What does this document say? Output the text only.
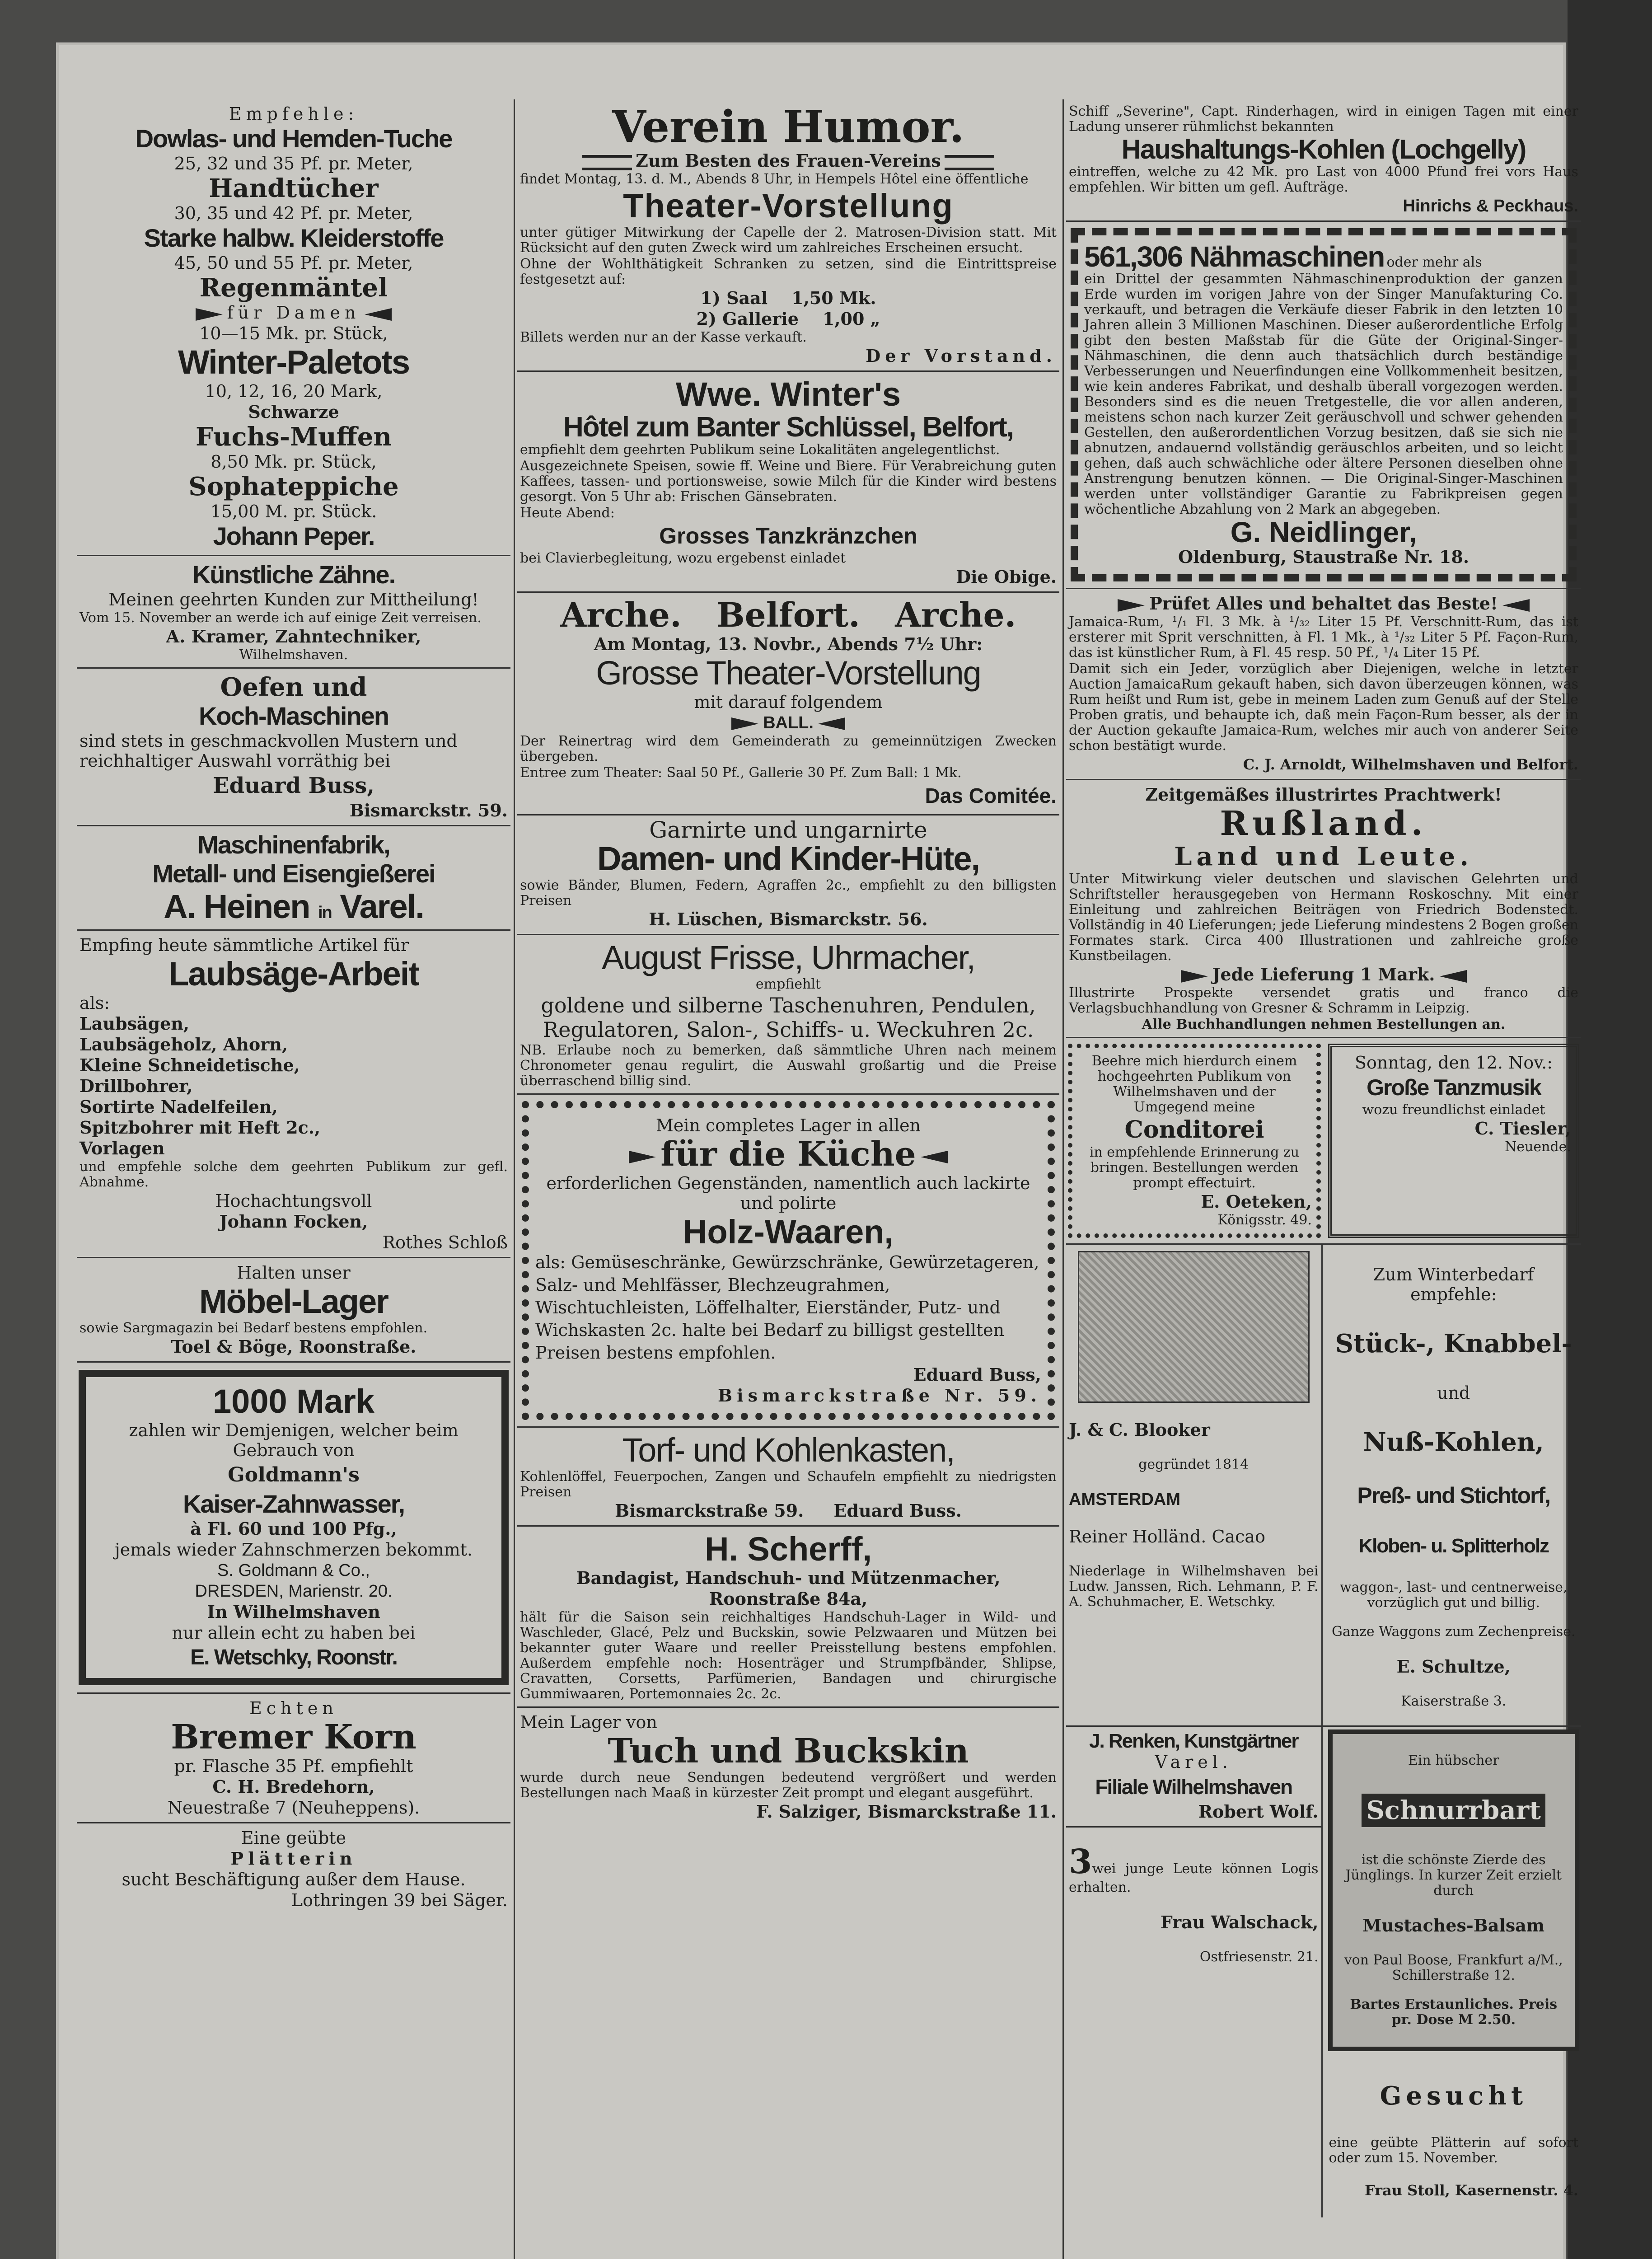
Empfehle:

Dowlas- und Hemden-Tuche

25, 32 und 35 Pf. pr. Meter,

Handtücher

30, 35 und 42 Pf. pr. Meter,

Starke halbw. Kleiderstoffe

45, 50 und 55 Pf. pr. Meter,

Regenmäntel

für Damen

10—15 Mk. pr. Stück,

Winter-Paletots

10, 12, 16, 20 Mark,

Schwarze

Fuchs-Muffen

8,50 Mk. pr. Stück,

Sophateppiche

15,00 M. pr. Stück.

Johann Peper.

Künstliche Zähne.

Meinen geehrten Kunden zur Mittheilung!

Vom 15. November an werde ich auf einige Zeit verreisen.

A. Kramer, Zahntechniker,

Wilhelmshaven.

Oefen und

Koch-Maschinen

sind stets in geschmackvollen Mustern und reichhaltiger Auswahl vorräthig bei

Eduard Buss,

Bismarckstr. 59.

Maschinenfabrik,

Metall- und Eisengießerei

A. Heinen in Varel.

Empfing heute sämmtliche Artikel für

Laubsäge-Arbeit

als:

Laubsägen,

Laubsägeholz, Ahorn,

Kleine Schneidetische,

Drillbohrer,

Sortirte Nadelfeilen,

Spitzbohrer mit Heft 2c.,

Vorlagen

und empfehle solche dem geehrten Publikum zur gefl. Abnahme.

Hochachtungsvoll

Johann Focken,

Rothes Schloß

Halten unser

Möbel-Lager

sowie Sargmagazin bei Bedarf bestens empfohlen.

Toel & Böge, Roonstraße.

1000 Mark

zahlen wir Demjenigen, welcher beim Gebrauch von

Goldmann's

Kaiser-Zahnwasser,

à Fl. 60 und 100 Pfg.,

jemals wieder Zahnschmerzen bekommt.

S. Goldmann & Co.,

DRESDEN, Marienstr. 20.

In Wilhelmshaven

nur allein echt zu haben bei

E. Wetschky, Roonstr.

Echten

Bremer Korn

pr. Flasche 35 Pf. empfiehlt

C. H. Bredehorn,

Neuestraße 7 (Neuheppens).

Eine geübte

Plätterin

sucht Beschäftigung außer dem Hause.

Lothringen 39 bei Säger.

Verein Humor.

Zum Besten des Frauen-Vereins

findet Montag, 13. d. M., Abends 8 Uhr, in Hempels Hôtel eine öffentliche

Theater-Vorstellung

unter gütiger Mitwirkung der Capelle der 2. Matrosen-Division statt. Mit Rücksicht auf den guten Zweck wird um zahlreiches Erscheinen ersucht.

Ohne der Wohlthätigkeit Schranken zu setzen, sind die Eintrittspreise festgesetzt auf:

1) Saal 1,50 Mk.

2) Gallerie 1,00 „

Billets werden nur an der Kasse verkauft.

Der Vorstand.

Wwe. Winter's

Hôtel zum Banter Schlüssel, Belfort,

empfiehlt dem geehrten Publikum seine Lokalitäten angelegentlichst.

Ausgezeichnete Speisen, sowie ff. Weine und Biere. Für Verabreichung guten Kaffees, tassen- und portionsweise, sowie Milch für die Kinder wird bestens gesorgt. Von 5 Uhr ab: Frischen Gänsebraten.

Heute Abend:

Grosses Tanzkränzchen

bei Clavierbegleitung, wozu ergebenst einladet

Die Obige.

Arche. Belfort. Arche.

Am Montag, 13. Novbr., Abends 7½ Uhr:

Grosse Theater-Vorstellung

mit darauf folgendem

BALL.

Der Reinertrag wird dem Gemeinderath zu gemeinnützigen Zwecken übergeben.

Entree zum Theater: Saal 50 Pf., Gallerie 30 Pf. Zum Ball: 1 Mk.

Das Comitée.

Garnirte und ungarnirte

Damen- und Kinder-Hüte,

sowie Bänder, Blumen, Federn, Agraffen 2c., empfiehlt zu den billigsten Preisen

H. Lüschen, Bismarckstr. 56.

August Frisse, Uhrmacher,

empfiehlt

goldene und silberne Taschenuhren, Pendulen, Regulatoren, Salon-, Schiffs- u. Weckuhren 2c.

NB. Erlaube noch zu bemerken, daß sämmtliche Uhren nach meinem Chronometer genau regulirt, die Auswahl großartig und die Preise überraschend billig sind.

Mein completes Lager in allen

für die Küche

erforderlichen Gegenständen, namentlich auch lackirte und polirte

Holz-Waaren,

als: Gemüseschränke, Gewürzschränke, Gewürzetageren, Salz- und Mehlfässer, Blechzeugrahmen, Wischtuchleisten, Löffelhalter, Eierständer, Putz- und Wichskasten 2c. halte bei Bedarf zu billigst gestellten Preisen bestens empfohlen.

Eduard Buss,

Bismarckstraße Nr. 59.

Torf- und Kohlenkasten,

Kohlenlöffel, Feuerpochen, Zangen und Schaufeln empfiehlt zu niedrigsten Preisen

Bismarckstraße 59. Eduard Buss.

H. Scherff,

Bandagist, Handschuh- und Mützenmacher,

Roonstraße 84a,

hält für die Saison sein reichhaltiges Handschuh-Lager in Wild- und Waschleder, Glacé, Pelz und Buckskin, sowie Pelzwaaren und Mützen bei bekannter guter Waare und reeller Preisstellung bestens empfohlen. Außerdem empfehle noch: Hosenträger und Strumpfbänder, Shlipse, Cravatten, Corsetts, Parfümerien, Bandagen und chirurgische Gummiwaaren, Portemonnaies 2c. 2c.

Mein Lager von

Tuch und Buckskin

wurde durch neue Sendungen bedeutend vergrößert und werden Bestellungen nach Maaß in kürzester Zeit prompt und elegant ausgeführt.

F. Salziger, Bismarckstraße 11.

Schiff „Severine", Capt. Rinderhagen, wird in einigen Tagen mit einer Ladung unserer rühmlichst bekannten

Haushaltungs-Kohlen (Lochgelly)

eintreffen, welche zu 42 Mk. pro Last von 4000 Pfund frei vors Haus empfehlen. Wir bitten um gefl. Aufträge.

Hinrichs & Peckhaus.

561,306 Nähmaschinen oder mehr als

ein Drittel der gesammten Nähmaschinenproduktion der ganzen Erde wurden im vorigen Jahre von der Singer Manufakturing Co. verkauft, und betragen die Verkäufe dieser Fabrik in den letzten 10 Jahren allein 3 Millionen Maschinen. Dieser außerordentliche Erfolg gibt den besten Maßstab für die Güte der Original-Singer-Nähmaschinen, die denn auch thatsächlich durch beständige Verbesserungen und Neuerfindungen eine Vollkommenheit besitzen, wie kein anderes Fabrikat, und deshalb überall vorgezogen werden. Besonders sind es die neuen Tretgestelle, die vor allen anderen, meistens schon nach kurzer Zeit geräuschvoll und schwer gehenden Gestellen, den außerordentlichen Vorzug besitzen, daß sie sich nie abnutzen, andauernd vollständig geräuschlos arbeiten, und so leicht gehen, daß auch schwächliche oder ältere Personen dieselben ohne Anstrengung benutzen können. — Die Original-Singer-Maschinen werden unter vollständiger Garantie zu Fabrikpreisen gegen wöchentliche Abzahlung von 2 Mark an abgegeben.

G. Neidlinger,

Oldenburg, Staustraße Nr. 18.

Prüfet Alles und behaltet das Beste!

Jamaica-Rum, ¹/₁ Fl. 3 Mk. à ¹/₃₂ Liter 15 Pf. Verschnitt-Rum, das ist ersterer mit Sprit verschnitten, à Fl. 1 Mk., à ¹/₃₂ Liter 5 Pf. Façon-Rum, das ist künstlicher Rum, à Fl. 45 resp. 50 Pf., ¹/₄ Liter 15 Pf.

Damit sich ein Jeder, vorzüglich aber Diejenigen, welche in letzter Auction JamaicaRum gekauft haben, sich davon überzeugen können, was Rum heißt und Rum ist, gebe in meinem Laden zum Genuß auf der Stelle Proben gratis, und behaupte ich, daß mein Façon-Rum besser, als der in der Auction gekaufte Jamaica-Rum, welches mir auch von anderer Seite schon bestätigt wurde.

C. J. Arnoldt, Wilhelmshaven und Belfort.

Zeitgemäßes illustrirtes Prachtwerk!

Rußland.

Land und Leute.

Unter Mitwirkung vieler deutschen und slavischen Gelehrten und Schriftsteller herausgegeben von Hermann Roskoschny. Mit einer Einleitung und zahlreichen Beiträgen von Friedrich Bodenstedt. Vollständig in 40 Lieferungen; jede Lieferung mindestens 2 Bogen großen Formates stark. Circa 400 Illustrationen und zahlreiche große Kunstbeilagen.

Jede Lieferung 1 Mark.

Illustrirte Prospekte versendet gratis und franco die Verlagsbuchhandlung von Gresner & Schramm in Leipzig.

Alle Buchhandlungen nehmen Bestellungen an.

Beehre mich hierdurch einem hochgeehrten Publikum von Wilhelmshaven und der Umgegend meine

Conditorei

in empfehlende Erinnerung zu bringen. Bestellungen werden prompt effectuirt.

E. Oeteken,

Königsstr. 49.

Sonntag, den 12. Nov.:

Große Tanzmusik

wozu freundlichst einladet

C. Tiesler,

Neuende.

J. & C. Blooker

gegründet 1814

AMSTERDAM

Reiner Holländ. Cacao

Niederlage in Wilhelmshaven bei Ludw. Janssen, Rich. Lehmann, P. F. A. Schuhmacher, E. Wetschky.

Zum Winterbedarf empfehle:

Stück-, Knabbel-

und

Nuß-Kohlen,

Preß- und Stichtorf,

Kloben- u. Splitterholz

waggon-, last- und centnerweise, vorzüglich gut und billig.

Ganze Waggons zum Zechenpreise.

E. Schultze,

Kaiserstraße 3.

J. Renken, Kunstgärtner

Varel.

Filiale Wilhelmshaven

Robert Wolf.

3wei junge Leute können Logis erhalten.

Frau Walschack,

Ostfriesenstr. 21.

Ein hübscher

Schnurrbart

ist die schönste Zierde des Jünglings. In kurzer Zeit erzielt durch

Mustaches-Balsam

von Paul Boose, Frankfurt a/M., Schillerstraße 12.

Bartes Erstaunliches. Preis pr. Dose M 2.50.

Gesucht

eine geübte Plätterin auf sofort oder zum 15. November.

Frau Stoll, Kasernenstr. 4.
